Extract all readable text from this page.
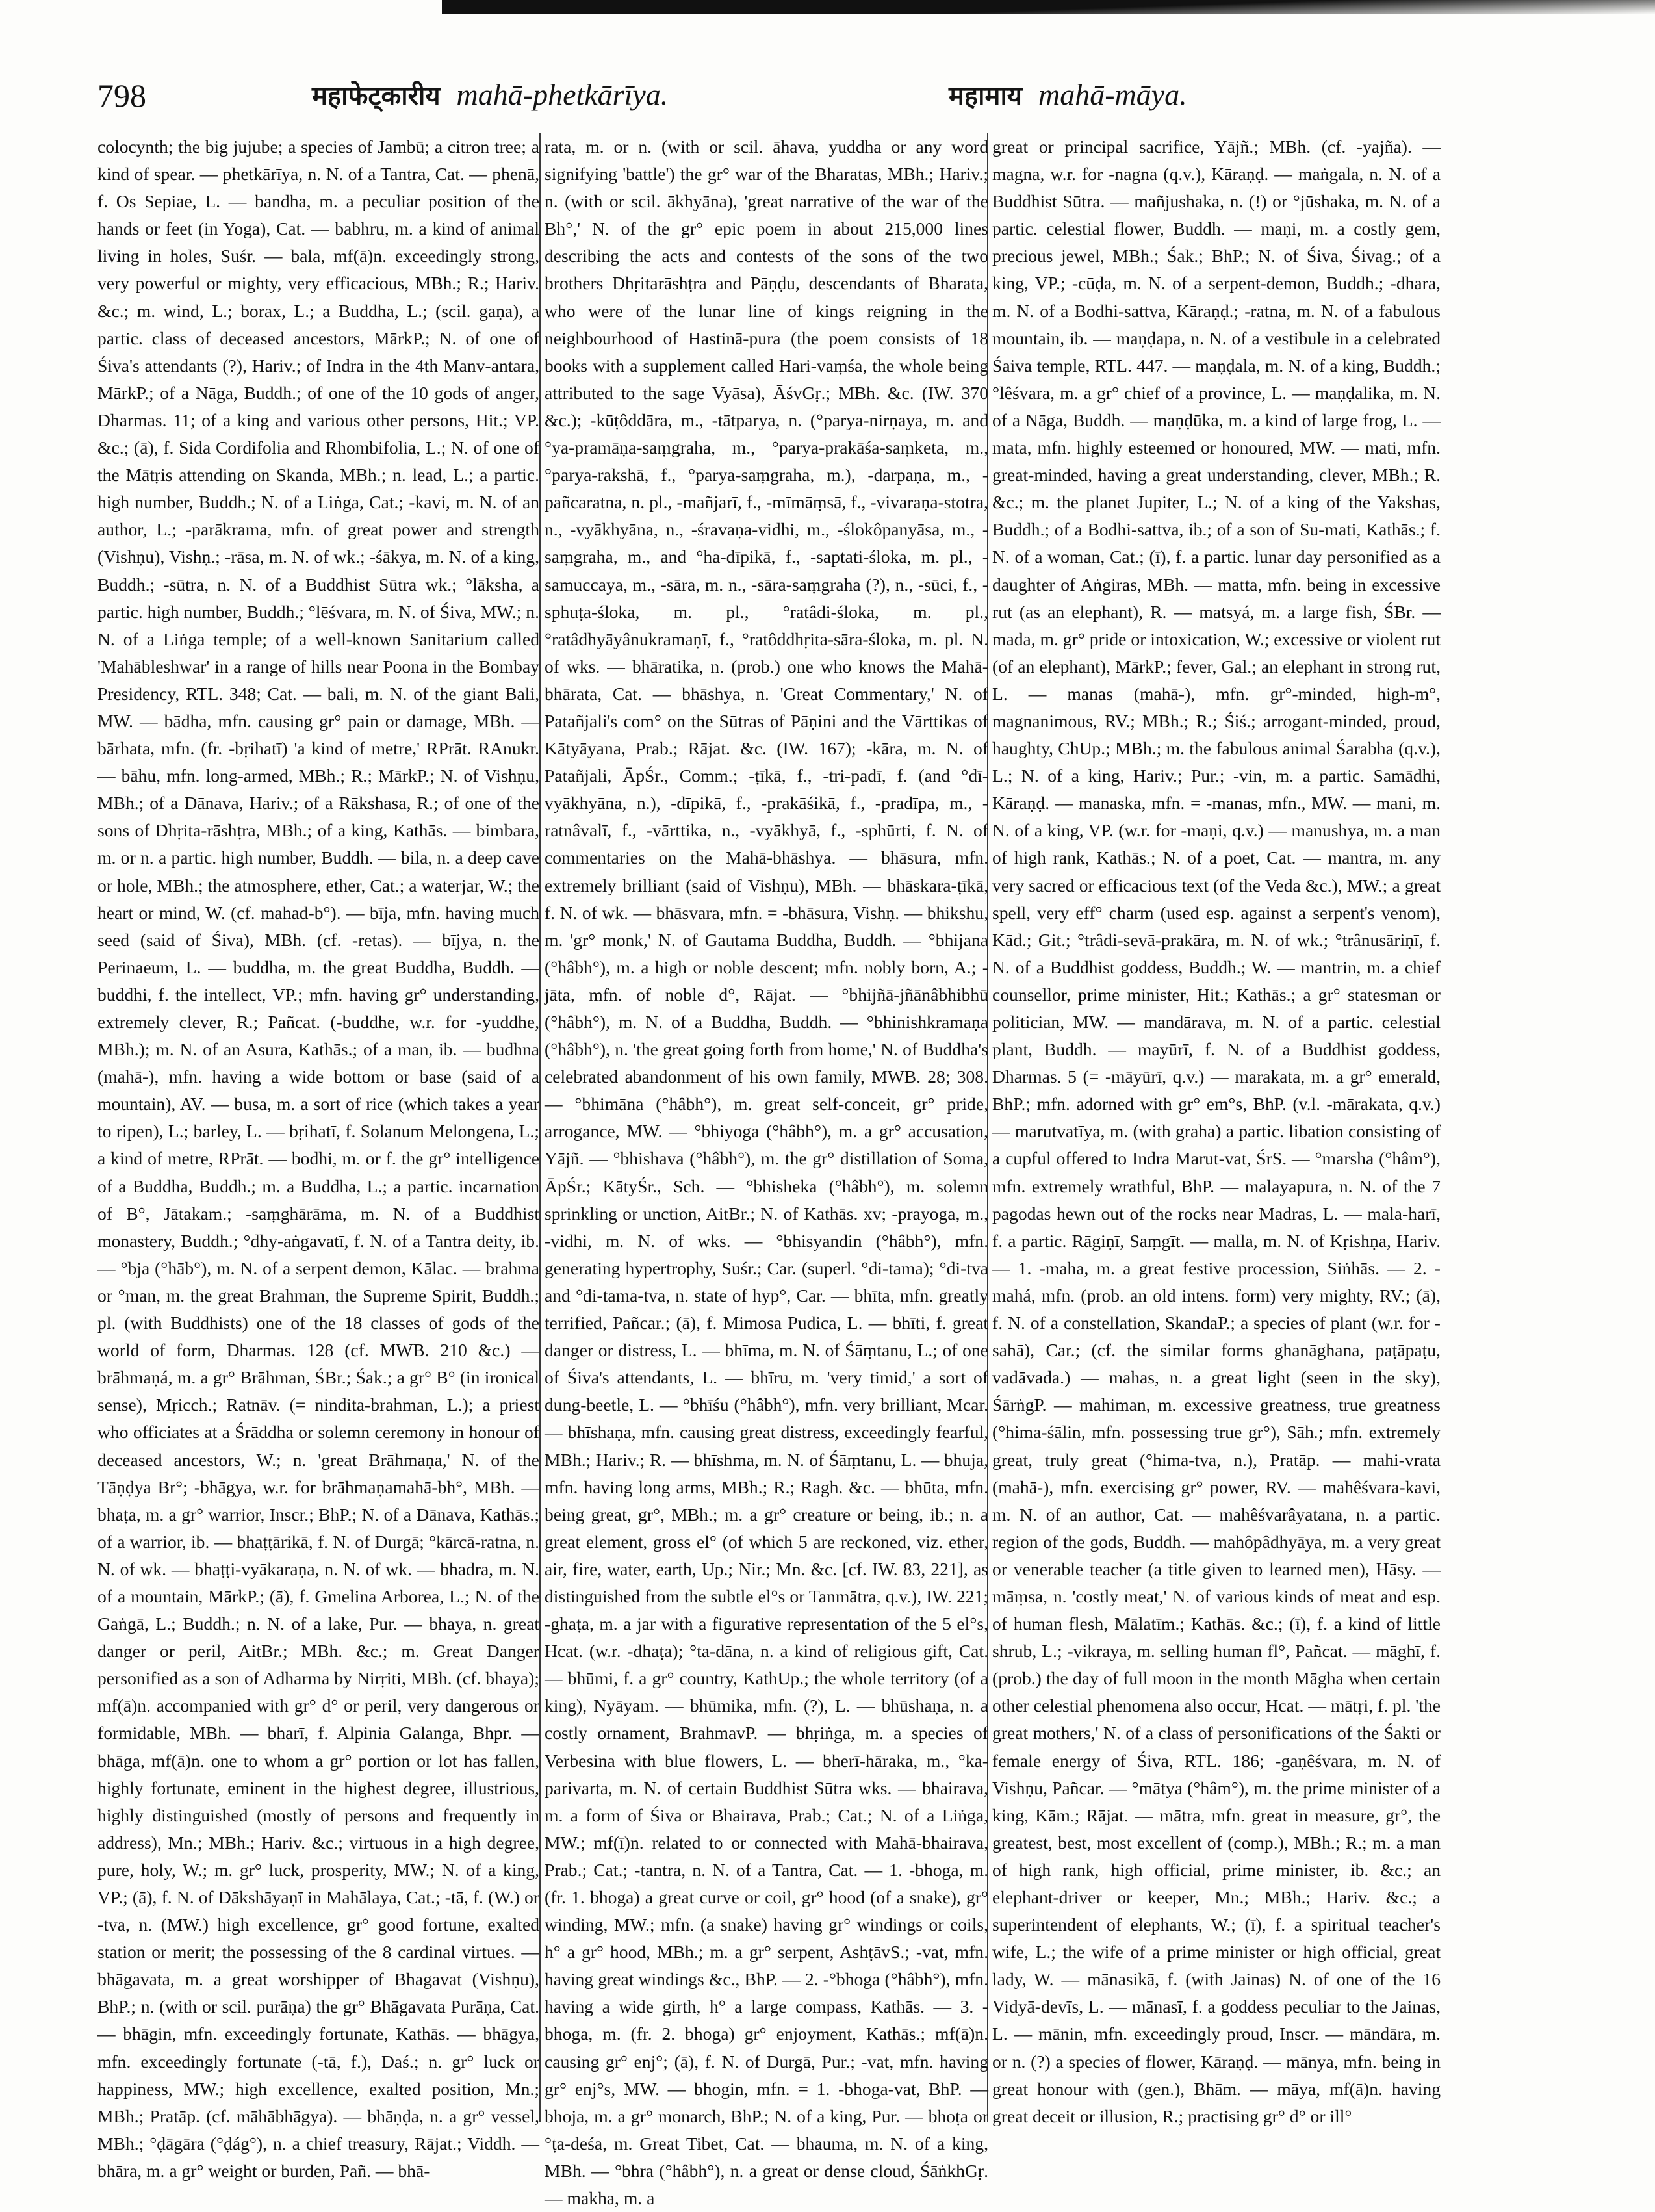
798	महाफेट्कारीय mahā-phetkārīya.	महामाय mahā-māya.

colocynth; the big jujube; a species of Jambū; a citron tree; a kind of spear. — phetkārīya, n. N. of a Tantra, Cat. — phenā, f. Os Sepiae, L. — bandha, m. a peculiar position of the hands or feet (in Yoga), Cat. — babhru, m. a kind of animal living in holes, Suśr. — bala, mf(ā)n. exceedingly strong, very powerful or mighty, very efficacious, MBh.; R.; Hariv. &c.; m. wind, L.; borax, L.; a Buddha, L.; (scil. gaṇa), a partic. class of deceased ancestors, MārkP.; N. of one of Śiva's attendants (?), Hariv.; of Indra in the 4th Manv-antara, MārkP.; of a Nāga, Buddh.; of one of the 10 gods of anger, Dharmas. 11; of a king and various other persons, Hit.; VP. &c.; (ā), f. Sida Cordifolia and Rhombifolia, L.; N. of one of the Mātṛis attending on Skanda, MBh.; n. lead, L.; a partic. high number, Buddh.; N. of a Liṅga, Cat.; -kavi, m. N. of an author, L.; -parākrama, mfn. of great power and strength (Vishṇu), Vishṇ.; -rāsa, m. N. of wk.; -śākya, m. N. of a king, Buddh.; -sūtra, n. N. of a Buddhist Sūtra wk.; °lāksha, a partic. high number, Buddh.; °lēśvara, m. N. of Śiva, MW.; n. N. of a Liṅga temple; of a well-known Sanitarium called 'Mahābleshwar' in a range of hills near Poona in the Bombay Presidency, RTL. 348; Cat. — bali, m. N. of the giant Bali, MW. — bādha, mfn. causing gr° pain or damage, MBh. — bārhata, mfn. (fr. -bṛihatī) 'a kind of metre,' RPrāt. RAnukr. — bāhu, mfn. long-armed, MBh.; R.; MārkP.; N. of Vishṇu, MBh.; of a Dānava, Hariv.; of a Rākshasa, R.; of one of the sons of Dhṛita-rāshṭra, MBh.; of a king, Kathās. — bimbara, m. or n. a partic. high number, Buddh. — bila, n. a deep cave or hole, MBh.; the atmosphere, ether, Cat.; a waterjar, W.; the heart or mind, W. (cf. mahad-b°). — bīja, mfn. having much seed (said of Śiva), MBh. (cf. -retas). — bījya, n. the Perinaeum, L. — buddha, m. the great Buddha, Buddh. — buddhi, f. the intellect, VP.; mfn. having gr° understanding, extremely clever, R.; Pañcat. (-buddhe, w.r. for -yuddhe, MBh.); m. N. of an Asura, Kathās.; of a man, ib. — budhna (mahā-), mfn. having a wide bottom or base (said of a mountain), AV. — busa, m. a sort of rice (which takes a year to ripen), L.; barley, L. — bṛihatī, f. Solanum Melongena, L.; a kind of metre, RPrāt. — bodhi, m. or f. the gr° intelligence of a Buddha, Buddh.; m. a Buddha, L.; a partic. incarnation of B°, Jātakam.; -saṃghārāma, m. N. of a Buddhist monastery, Buddh.; °dhy-aṅgavatī, f. N. of a Tantra deity, ib. — °bja (°hāb°), m. N. of a serpent demon, Kālac. — brahma or °man, m. the great Brahman, the Supreme Spirit, Buddh.; pl. (with Buddhists) one of the 18 classes of gods of the world of form, Dharmas. 128 (cf. MWB. 210 &c.) — brāhmaṇá, m. a gr° Brāhman, ŚBr.; Śak.; a gr° B° (in ironical sense), Mṛicch.; Ratnāv. (= nindita-brahman, L.); a priest who officiates at a Śrāddha or solemn ceremony in honour of deceased ancestors, W.; n. 'great Brāhmaṇa,' N. of the Tāṇḍya Br°; -bhāgya, w.r. for brāhmaṇamahā-bh°, MBh. — bhaṭa, m. a gr° warrior, Inscr.; BhP.; N. of a Dānava, Kathās.; of a warrior, ib. — bhaṭṭārikā, f. N. of Durgā; °kārcā-ratna, n. N. of wk. — bhaṭṭi-vyākaraṇa, n. N. of wk. — bhadra, m. N. of a mountain, MārkP.; (ā), f. Gmelina Arborea, L.; N. of the Gaṅgā, L.; Buddh.; n. N. of a lake, Pur. — bhaya, n. great danger or peril, AitBr.; MBh. &c.; m. Great Danger personified as a son of Adharma by Nirṛiti, MBh. (cf. bhaya); mf(ā)n. accompanied with gr° d° or peril, very dangerous or formidable, MBh. — bharī, f. Alpinia Galanga, Bhpr. — bhāga, mf(ā)n. one to whom a gr° portion or lot has fallen, highly fortunate, eminent in the highest degree, illustrious, highly distinguished (mostly of persons and frequently in address), Mn.; MBh.; Hariv. &c.; virtuous in a high degree, pure, holy, W.; m. gr° luck, prosperity, MW.; N. of a king, VP.; (ā), f. N. of Dākshāyaṇī in Mahālaya, Cat.; -tā, f. (W.) or -tva, n. (MW.) high excellence, gr° good fortune, exalted station or merit; the possessing of the 8 cardinal virtues. — bhāgavata, m. a great worshipper of Bhagavat (Vishṇu), BhP.; n. (with or scil. purāṇa) the gr° Bhāgavata Purāṇa, Cat. — bhāgin, mfn. exceedingly fortunate, Kathās. — bhāgya, mfn. exceedingly fortunate (-tā, f.), Daś.; n. gr° luck or happiness, MW.; high excellence, exalted position, Mn.; MBh.; Pratāp. (cf. māhābhāgya). — bhāṇḍa, n. a gr° vessel, MBh.; °ḍāgāra (°ḍág°), n. a chief treasury, Rājat.; Viddh. — bhāra, m. a gr° weight or burden, Pañ. — bhā-

rata, m. or n. (with or scil. āhava, yuddha or any word signifying 'battle') the gr° war of the Bharatas, MBh.; Hariv.; n. (with or scil. ākhyāna), 'great narrative of the war of the Bh°,' N. of the gr° epic poem in about 215,000 lines describing the acts and contests of the sons of the two brothers Dhṛitarāshṭra and Pāṇḍu, descendants of Bharata, who were of the lunar line of kings reigning in the neighbourhood of Hastinā-pura (the poem consists of 18 books with a supplement called Hari-vaṃśa, the whole being attributed to the sage Vyāsa), ĀśvGṛ.; MBh. &c. (IW. 370 &c.); -kūṭôddāra, m., -tātparya, n. (°parya-nirṇaya, m. and °ya-pramāṇa-saṃgraha, m., °parya-prakāśa-saṃketa, m., °parya-rakshā, f., °parya-saṃgraha, m.), -darpaṇa, m., -pañcaratna, n. pl., -mañjarī, f., -mīmāṃsā, f., -vivaraṇa-stotra, n., -vyākhyāna, n., -śravaṇa-vidhi, m., -ślokôpanyāsa, m., -saṃgraha, m., and °ha-dīpikā, f., -saptati-śloka, m. pl., -samuccaya, m., -sāra, m. n., -sāra-saṃgraha (?), n., -sūci, f., -sphuṭa-śloka, m. pl., °ratâdi-śloka, m. pl., °ratâdhyāyânukramaṇī, f., °ratôddhṛita-sāra-śloka, m. pl. N. of wks. — bhāratika, n. (prob.) one who knows the Mahā-bhārata, Cat. — bhāshya, n. 'Great Commentary,' N. of Patañjali's com° on the Sūtras of Pāṇini and the Vārttikas of Kātyāyana, Prab.; Rājat. &c. (IW. 167); -kāra, m. N. of Patañjali, ĀpŚr., Comm.; -ṭīkā, f., -tri-padī, f. (and °dī-vyākhyāna, n.), -dīpikā, f., -prakāśikā, f., -pradīpa, m., -ratnâvalī, f., -vārttika, n., -vyākhyā, f., -sphūrti, f. N. of commentaries on the Mahā-bhāshya. — bhāsura, mfn. extremely brilliant (said of Vishṇu), MBh. — bhāskara-ṭīkā, f. N. of wk. — bhāsvara, mfn. = -bhāsura, Vishṇ. — bhikshu, m. 'gr° monk,' N. of Gautama Buddha, Buddh. — °bhijana (°hâbh°), m. a high or noble descent; mfn. nobly born, A.; -jāta, mfn. of noble d°, Rājat. — °bhijñā-jñānâbhibhū (°hâbh°), m. N. of a Buddha, Buddh. — °bhinishkramaṇa (°hâbh°), n. 'the great going forth from home,' N. of Buddha's celebrated abandonment of his own family, MWB. 28; 308. — °bhimāna (°hâbh°), m. great self-conceit, gr° pride, arrogance, MW. — °bhiyoga (°hâbh°), m. a gr° accusation, Yājñ. — °bhishava (°hâbh°), m. the gr° distillation of Soma, ĀpŚr.; KātyŚr., Sch. — °bhisheka (°hâbh°), m. solemn sprinkling or unction, AitBr.; N. of Kathās. xv; -prayoga, m., -vidhi, m. N. of wks. — °bhisyandin (°hâbh°), mfn. generating hypertrophy, Suśr.; Car. (superl. °di-tama); °di-tva and °di-tama-tva, n. state of hyp°, Car. — bhīta, mfn. greatly terrified, Pañcar.; (ā), f. Mimosa Pudica, L. — bhīti, f. great danger or distress, L. — bhīma, m. N. of Śāṃtanu, L.; of one of Śiva's attendants, L. — bhīru, m. 'very timid,' a sort of dung-beetle, L. — °bhīśu (°hâbh°), mfn. very brilliant, Mcar. — bhīshaṇa, mfn. causing great distress, exceedingly fearful, MBh.; Hariv.; R. — bhīshma, m. N. of Śāṃtanu, L. — bhuja, mfn. having long arms, MBh.; R.; Ragh. &c. — bhūta, mfn. being great, gr°, MBh.; m. a gr° creature or being, ib.; n. a great element, gross el° (of which 5 are reckoned, viz. ether, air, fire, water, earth, Up.; Nir.; Mn. &c. [cf. IW. 83, 221], as distinguished from the subtle el°s or Tanmātra, q.v.), IW. 221; -ghaṭa, m. a jar with a figurative representation of the 5 el°s, Hcat. (w.r. -dhaṭa); °ta-dāna, n. a kind of religious gift, Cat. — bhūmi, f. a gr° country, KathUp.; the whole territory (of a king), Nyāyam. — bhūmika, mfn. (?), L. — bhūshaṇa, n. a costly ornament, BrahmavP. — bhṛiṅga, m. a species of Verbesina with blue flowers, L. — bherī-hāraka, m., °ka-parivarta, m. N. of certain Buddhist Sūtra wks. — bhairava, m. a form of Śiva or Bhairava, Prab.; Cat.; N. of a Liṅga, MW.; mf(ī)n. related to or connected with Mahā-bhairava, Prab.; Cat.; -tantra, n. N. of a Tantra, Cat. — 1. -bhoga, m. (fr. 1. bhoga) a great curve or coil, gr° hood (of a snake), gr° winding, MW.; mfn. (a snake) having gr° windings or coils, h° a gr° hood, MBh.; m. a gr° serpent, AshṭāvS.; -vat, mfn. having great windings &c., BhP. — 2. -°bhoga (°hâbh°), mfn. having a wide girth, h° a large compass, Kathās. — 3. -bhoga, m. (fr. 2. bhoga) gr° enjoyment, Kathās.; mf(ā)n. causing gr° enj°; (ā), f. N. of Durgā, Pur.; -vat, mfn. having gr° enj°s, MW. — bhogin, mfn. = 1. -bhoga-vat, BhP. — bhoja, m. a gr° monarch, BhP.; N. of a king, Pur. — bhoṭa or °ṭa-deśa, m. Great Tibet, Cat. — bhauma, m. N. of a king, MBh. — °bhra (°hâbh°), n. a great or dense cloud, ŚāṅkhGṛ. — makha, m. a

great or principal sacrifice, Yājñ.; MBh. (cf. -yajña). — magna, w.r. for -nagna (q.v.), Kāraṇḍ. — maṅgala, n. N. of a Buddhist Sūtra. — mañjushaka, n. (!) or °jūshaka, m. N. of a partic. celestial flower, Buddh. — maṇi, m. a costly gem, precious jewel, MBh.; Śak.; BhP.; N. of Śiva, Śivag.; of a king, VP.; -cūḍa, m. N. of a serpent-demon, Buddh.; -dhara, m. N. of a Bodhi-sattva, Kāraṇḍ.; -ratna, m. N. of a fabulous mountain, ib. — maṇḍapa, n. N. of a vestibule in a celebrated Śaiva temple, RTL. 447. — maṇḍala, m. N. of a king, Buddh.; °lêśvara, m. a gr° chief of a province, L. — maṇḍalika, m. N. of a Nāga, Buddh. — maṇḍūka, m. a kind of large frog, L. — mata, mfn. highly esteemed or honoured, MW. — mati, mfn. great-minded, having a great understanding, clever, MBh.; R. &c.; m. the planet Jupiter, L.; N. of a king of the Yakshas, Buddh.; of a Bodhi-sattva, ib.; of a son of Su-mati, Kathās.; f. N. of a woman, Cat.; (ī), f. a partic. lunar day personified as a daughter of Aṅgiras, MBh. — matta, mfn. being in excessive rut (as an elephant), R. — matsyá, m. a large fish, ŚBr. — mada, m. gr° pride or intoxication, W.; excessive or violent rut (of an elephant), MārkP.; fever, Gal.; an elephant in strong rut, L. — manas (mahā-), mfn. gr°-minded, high-m°, magnanimous, RV.; MBh.; R.; Śiś.; arrogant-minded, proud, haughty, ChUp.; MBh.; m. the fabulous animal Śarabha (q.v.), L.; N. of a king, Hariv.; Pur.; -vin, m. a partic. Samādhi, Kāraṇḍ. — manaska, mfn. = -manas, mfn., MW. — mani, m. N. of a king, VP. (w.r. for -maṇi, q.v.) — manushya, m. a man of high rank, Kathās.; N. of a poet, Cat. — mantra, m. any very sacred or efficacious text (of the Veda &c.), MW.; a great spell, very eff° charm (used esp. against a serpent's venom), Kād.; Git.; °trâdi-sevā-prakāra, m. N. of wk.; °trânusāriṇī, f. N. of a Buddhist goddess, Buddh.; W. — mantrin, m. a chief counsellor, prime minister, Hit.; Kathās.; a gr° statesman or politician, MW. — mandārava, m. N. of a partic. celestial plant, Buddh. — mayūrī, f. N. of a Buddhist goddess, Dharmas. 5 (= -māyūrī, q.v.) — marakata, m. a gr° emerald, BhP.; mfn. adorned with gr° em°s, BhP. (v.l. -mārakata, q.v.) — marutvatīya, m. (with graha) a partic. libation consisting of a cupful offered to Indra Marut-vat, ŚrS. — °marsha (°hâm°), mfn. extremely wrathful, BhP. — malayapura, n. N. of the 7 pagodas hewn out of the rocks near Madras, L. — mala-harī, f. a partic. Rāgiṇī, Saṃgīt. — malla, m. N. of Kṛishṇa, Hariv. — 1. -maha, m. a great festive procession, Siṅhās. — 2. -mahá, mfn. (prob. an old intens. form) very mighty, RV.; (ā), f. N. of a constellation, SkandaP.; a species of plant (w.r. for -sahā), Car.; (cf. the similar forms ghanāghana, paṭāpaṭu, vadāvada.) — mahas, n. a great light (seen in the sky), ŚārṅgP. — mahiman, m. excessive greatness, true greatness (°hima-śālin, mfn. possessing true gr°), Sāh.; mfn. extremely great, truly great (°hima-tva, n.), Pratāp. — mahi-vrata (mahā-), mfn. exercising gr° power, RV. — mahêśvara-kavi, m. N. of an author, Cat. — mahêśvarâyatana, n. a partic. region of the gods, Buddh. — mahôpâdhyāya, m. a very great or venerable teacher (a title given to learned men), Hāsy. — māṃsa, n. 'costly meat,' N. of various kinds of meat and esp. of human flesh, Mālatīm.; Kathās. &c.; (ī), f. a kind of little shrub, L.; -vikraya, m. selling human fl°, Pañcat. — māghī, f. (prob.) the day of full moon in the month Māgha when certain other celestial phenomena also occur, Hcat. — mātṛi, f. pl. 'the great mothers,' N. of a class of personifications of the Śakti or female energy of Śiva, RTL. 186; -gaṇêśvara, m. N. of Vishṇu, Pañcar. — °mātya (°hâm°), m. the prime minister of a king, Kām.; Rājat. — mātra, mfn. great in measure, gr°, the greatest, best, most excellent of (comp.), MBh.; R.; m. a man of high rank, high official, prime minister, ib. &c.; an elephant-driver or keeper, Mn.; MBh.; Hariv. &c.; a superintendent of elephants, W.; (ī), f. a spiritual teacher's wife, L.; the wife of a prime minister or high official, great lady, W. — mānasikā, f. (with Jainas) N. of one of the 16 Vidyā-devīs, L. — mānasī, f. a goddess peculiar to the Jainas, L. — mānin, mfn. exceedingly proud, Inscr. — māndāra, m. or n. (?) a species of flower, Kāraṇḍ. — mānya, mfn. being in great honour with (gen.), Bhām. — māya, mf(ā)n. having great deceit or illusion, R.; practising gr° d° or ill°
